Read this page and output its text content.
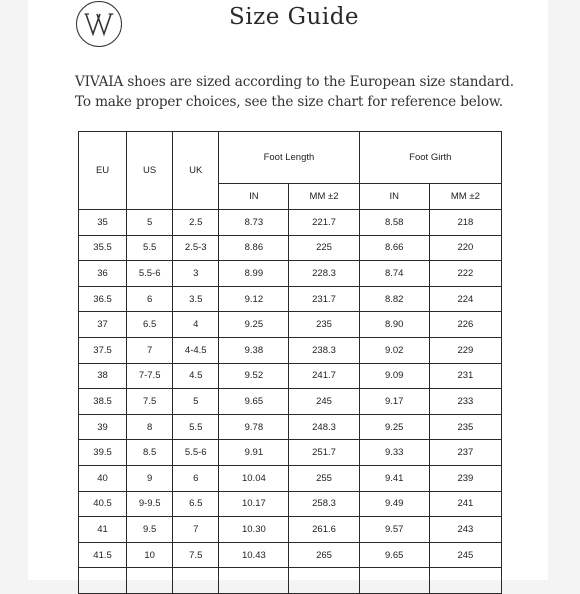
Size Guide
VIVAIA shoes are sized according to the European size standard.
To make proper choices, see the size chart for reference below.
EU	US	UK	Foot Length		Foot Girth	
			IN	MM ±2	IN	MM ±2
35	5	2.5	8.73	221.7	8.58	218
35.5	5.5	2.5-3	8.86	225	8.66	220
36	5.5-6	3	8.99	228.3	8.74	222
36.5	6	3.5	9.12	231.7	8.82	224
37	6.5	4	9.25	235	8.90	226
37.5	7	4-4.5	9.38	238.3	9.02	229
38	7-7.5	4.5	9.52	241.7	9.09	231
38.5	7.5	5	9.65	245	9.17	233
39	8	5.5	9.78	248.3	9.25	235
39.5	8.5	5.5-6	9.91	251.7	9.33	237
40	9	6	10.04	255	9.41	239
40.5	9-9.5	6.5	10.17	258.3	9.49	241
41	9.5	7	10.30	261.6	9.57	243
41.5	10	7.5	10.43	265	9.65	245
